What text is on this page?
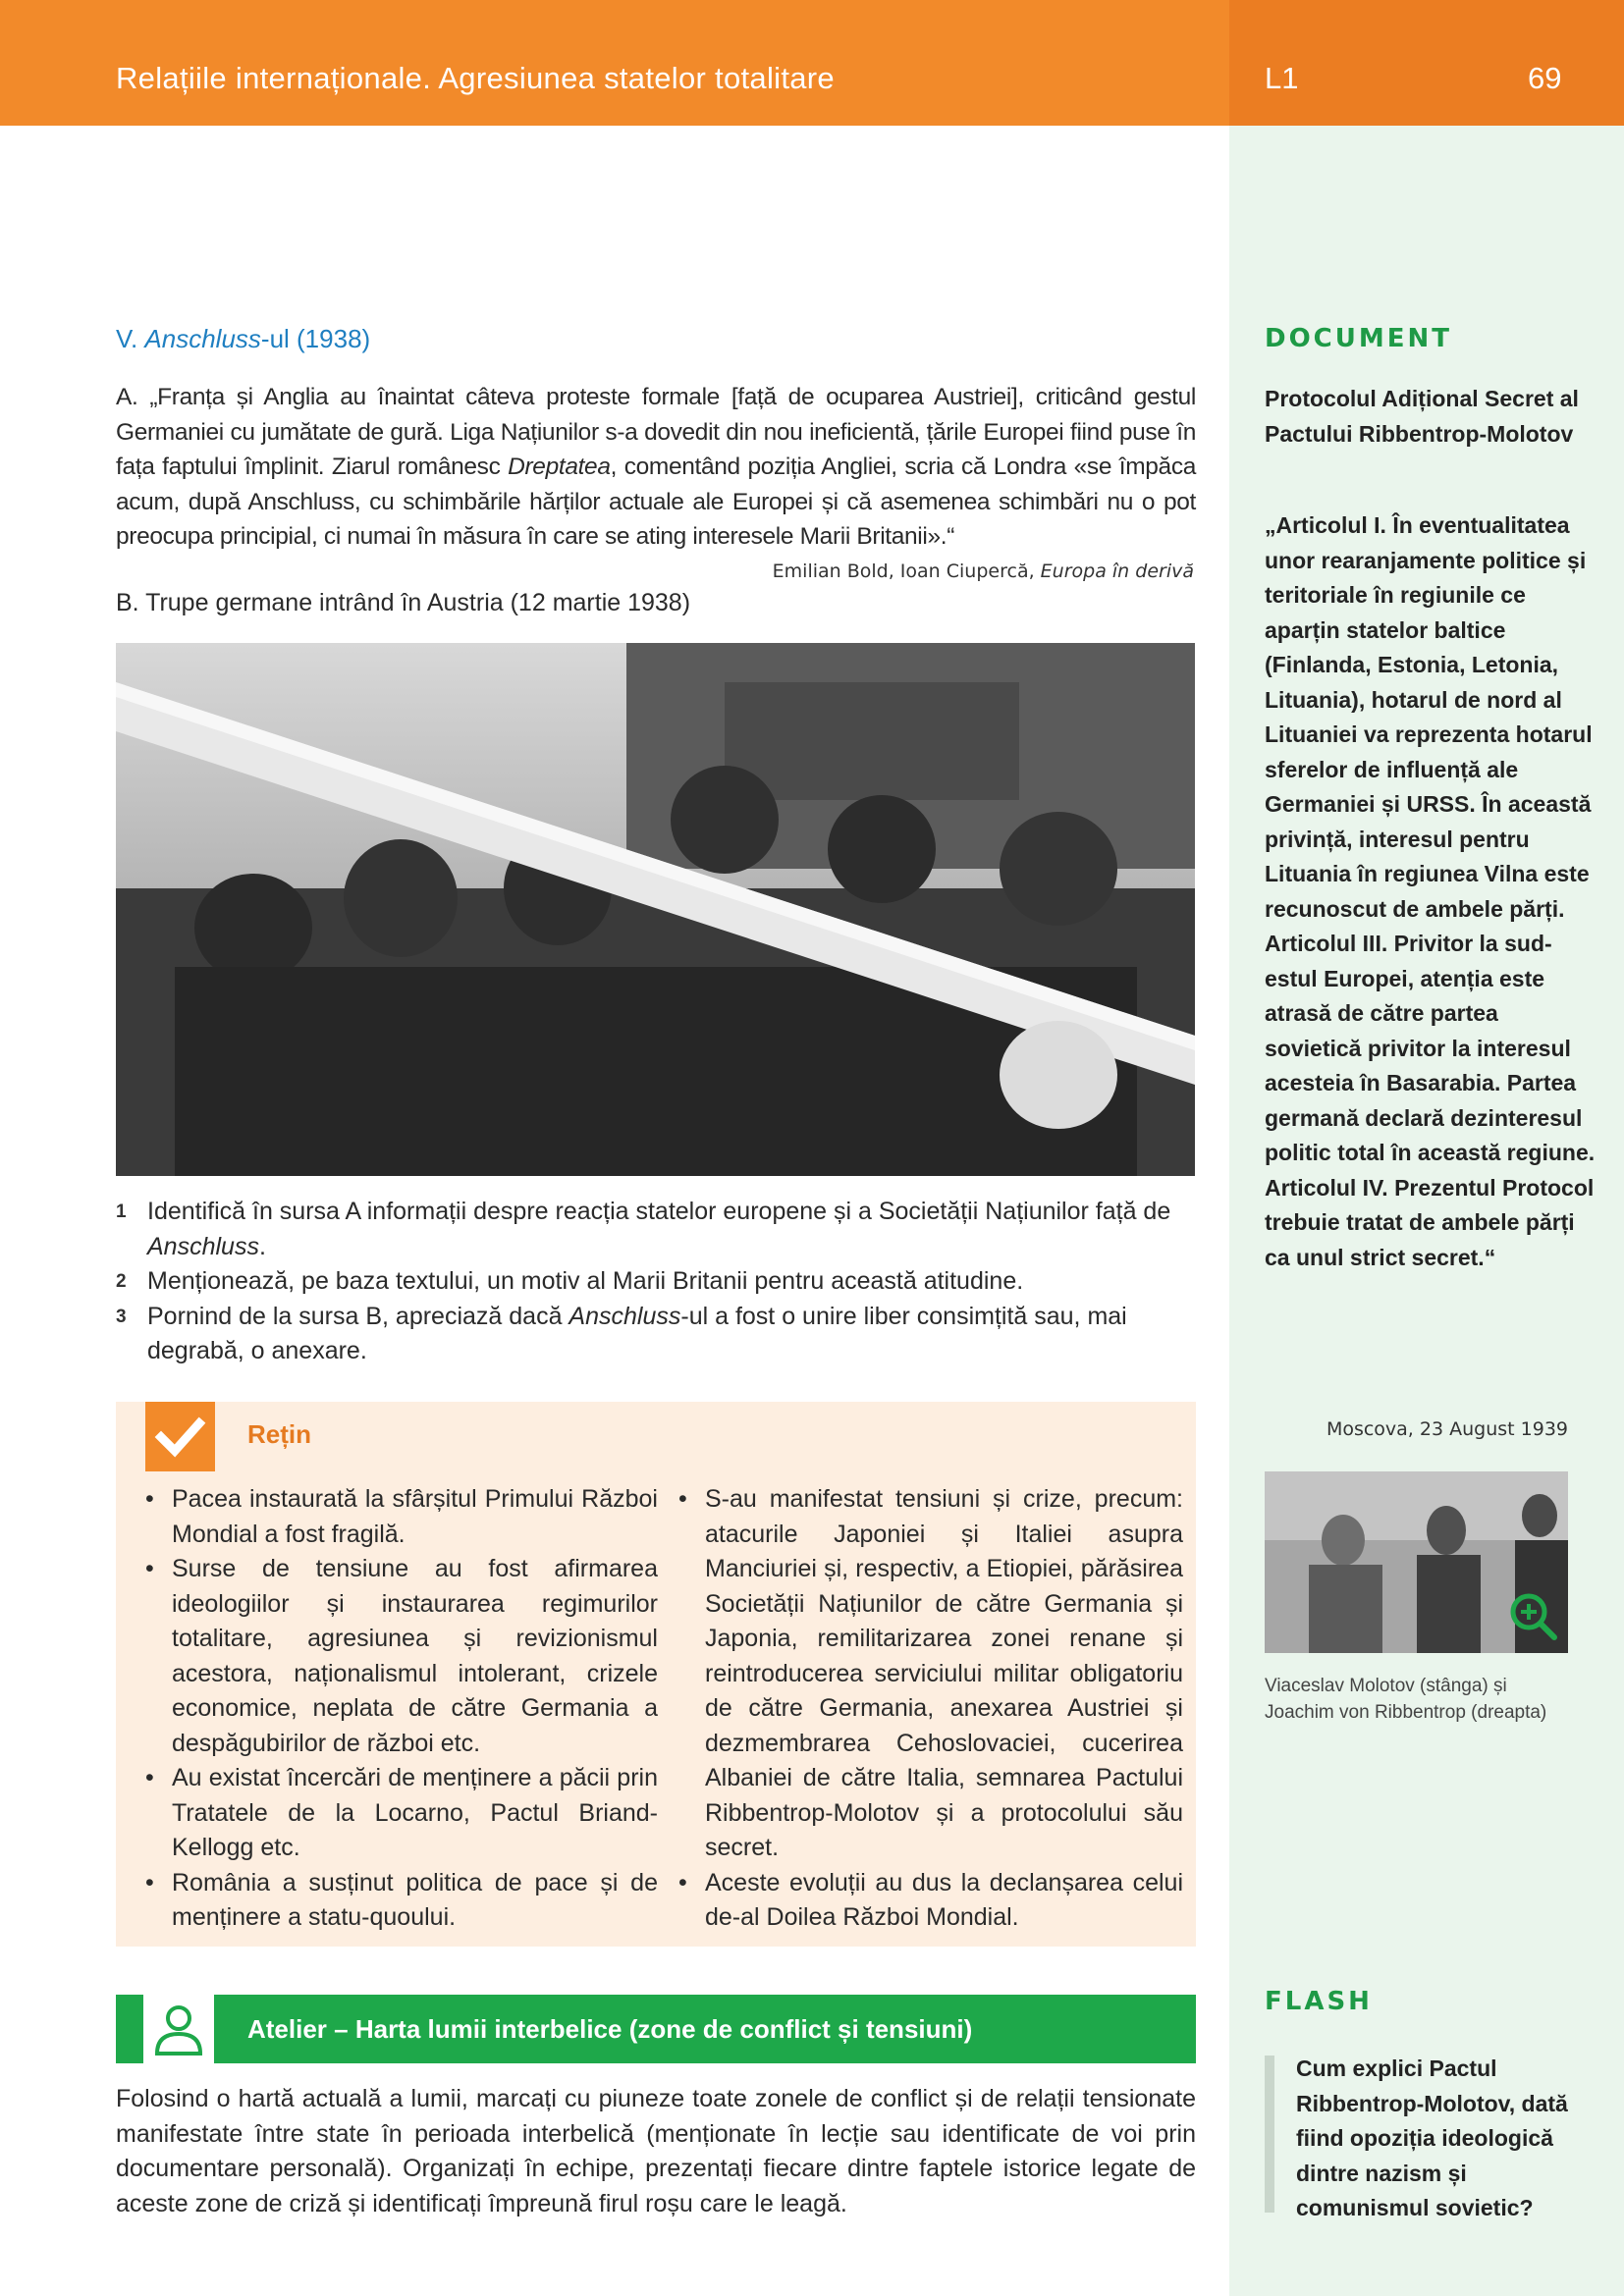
Relațiile internaționale. Agresiunea statelor totalitare	L1	69
V. Anschluss-ul (1938)

A. „Franța și Anglia au înaintat câteva proteste formale [față de ocuparea Austriei], criticând gestul Germaniei cu jumătate de gură. Liga Națiunilor s-a dovedit din nou ineficientă, țările Europei fiind puse în fața faptului împlinit. Ziarul românesc Dreptatea, comentând poziția Angliei, scria că Londra «se împăca acum, după Anschluss, cu schimbările hărților actuale ale Europei și că asemenea schimbări nu o pot preocupa principial, ci numai în măsura în care se ating interesele Marii Britanii».“

Emilian Bold, Ioan Ciupercă, Europa în derivă
B. Trupe germane intrând în Austria (12 martie 1938)
1 Identifică în sursa A informații despre reacția statelor europene și a Societății Națiunilor față de Anschluss.
2 Menționează, pe baza textului, un motiv al Marii Britanii pentru această atitudine.
3 Pornind de la sursa B, apreciază dacă Anschluss-ul a fost o unire liber consimțită sau, mai degrabă, o anexare.
Rețin
• Pacea instaurată la sfârșitul Primului Război Mondial a fost fragilă.
• Surse de tensiune au fost afirmarea ideologiilor și instaurarea regimurilor totalitare, agresiunea și revizionismul acestora, naționalismul intolerant, crizele economice, neplata de către Germania a despăgubirilor de război etc.
• Au existat încercări de menținere a păcii prin Tratatele de la Locarno, Pactul Briand-Kellogg etc.
• România a susținut politica de pace și de menținere a statu-quoului.
• S-au manifestat tensiuni și crize, precum: atacurile Japoniei și Italiei asupra Manciuriei și, respectiv, a Etiopiei, părăsirea Societății Națiunilor de către Germania și Japonia, remilitarizarea zonei renane și reintroducerea serviciului militar obligatoriu de către Germania, anexarea Austriei și dezmembrarea Cehoslovaciei, cucerirea Albaniei de către Italia, semnarea Pactului Ribbentrop-Molotov și a protocolului său secret.
• Aceste evoluții au dus la declanșarea celui de-al Doilea Război Mondial.
Atelier – Harta lumii interbelice (zone de conflict și tensiuni)

Folosind o hartă actuală a lumii, marcați cu piuneze toate zonele de conflict și de relații tensionate manifestate între state în perioada interbelică (menționate în lecție sau identificate de voi prin documentare personală). Organizați în echipe, prezentați fiecare dintre faptele istorice legate de aceste zone de criză și identificați împreună firul roșu care le leagă.

DOCUMENT
Protocolul Adițional Secret al Pactului Ribbentrop-Molotov
„Articolul I. În eventualitatea unor rearanjamente politice și teritoriale în regiunile ce aparțin statelor baltice (Finlanda, Estonia, Letonia, Lituania), hotarul de nord al Lituaniei va reprezenta hotarul sferelor de influență ale Germaniei și URSS. În această privință, interesul pentru Lituania în regiunea Vilna este recunoscut de ambele părți.
Articolul III. Privitor la sud-estul Europei, atenția este atrasă de către partea sovietică privitor la interesul acesteia în Basarabia. Partea germană declară dezinteresul politic total în această regiune.
Articolul IV. Prezentul Protocol trebuie tratat de ambele părți ca unul strict secret.“
Moscova, 23 August 1939
Viaceslav Molotov (stânga) și Joachim von Ribbentrop (dreapta)
FLASH
Cum explici Pactul Ribbentrop-Molotov, dată fiind opoziția ideologică dintre nazism și comunismul sovietic?
